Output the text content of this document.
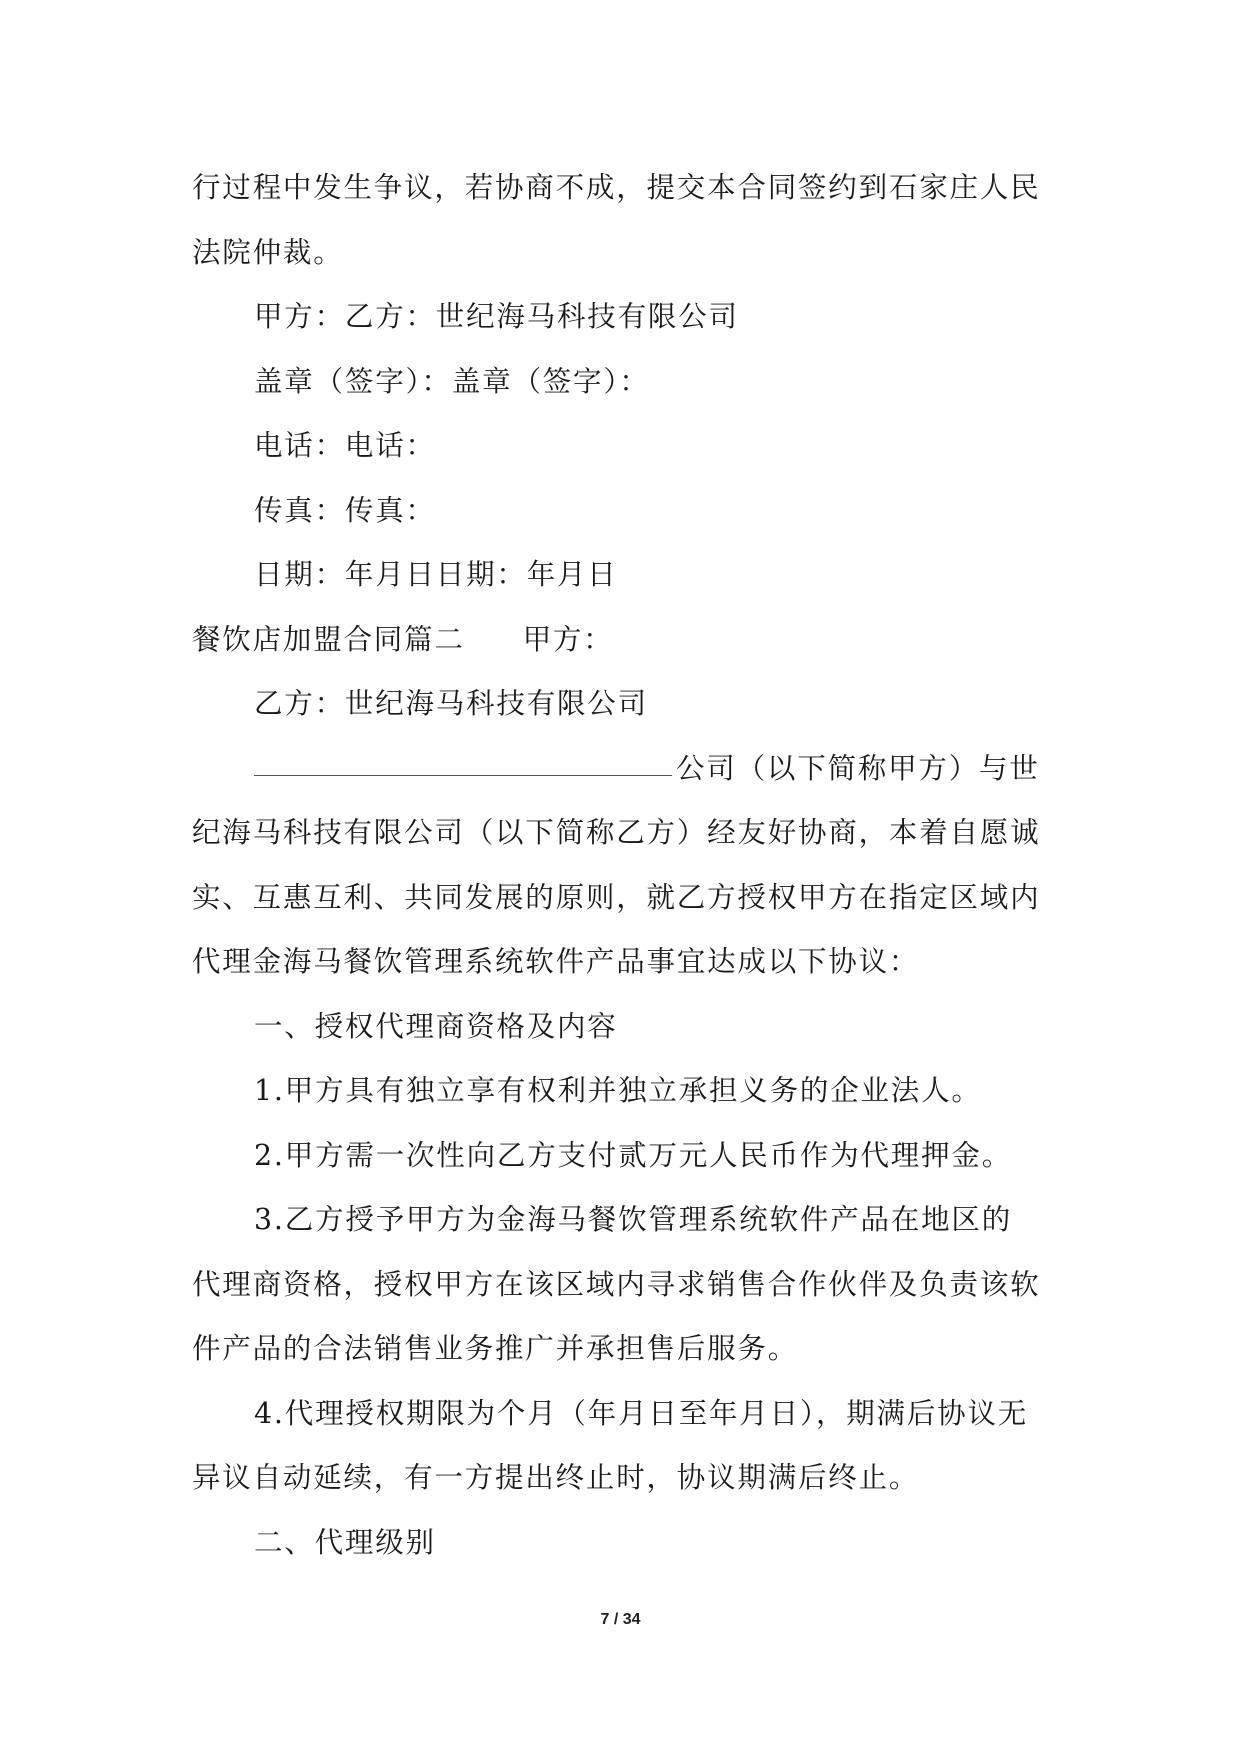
行过程中发生争议，若协商不成，提交本合同签约到石家庄人民
法院仲裁。
甲方：乙方：世纪海马科技有限公司
盖章（签字）：盖章（签字）：
电话：电话：
传真：传真：
日期：年月日日期：年月日
餐饮店加盟合同篇二 甲方：
乙方：世纪海马科技有限公司
公司（以下简称甲方）与世
纪海马科技有限公司（以下简称乙方）经友好协商，本着自愿诚
实、互惠互利、共同发展的原则，就乙方授权甲方在指定区域内
代理金海马餐饮管理系统软件产品事宜达成以下协议：
一、授权代理商资格及内容
1.甲方具有独立享有权利并独立承担义务的企业法人。
2.甲方需一次性向乙方支付贰万元人民币作为代理押金。
3.乙方授予甲方为金海马餐饮管理系统软件产品在地区的
代理商资格，授权甲方在该区域内寻求销售合作伙伴及负责该软
件产品的合法销售业务推广并承担售后服务。
4.代理授权期限为个月（年月日至年月日），期满后协议无
异议自动延续，有一方提出终止时，协议期满后终止。
二、代理级别
7 / 34
